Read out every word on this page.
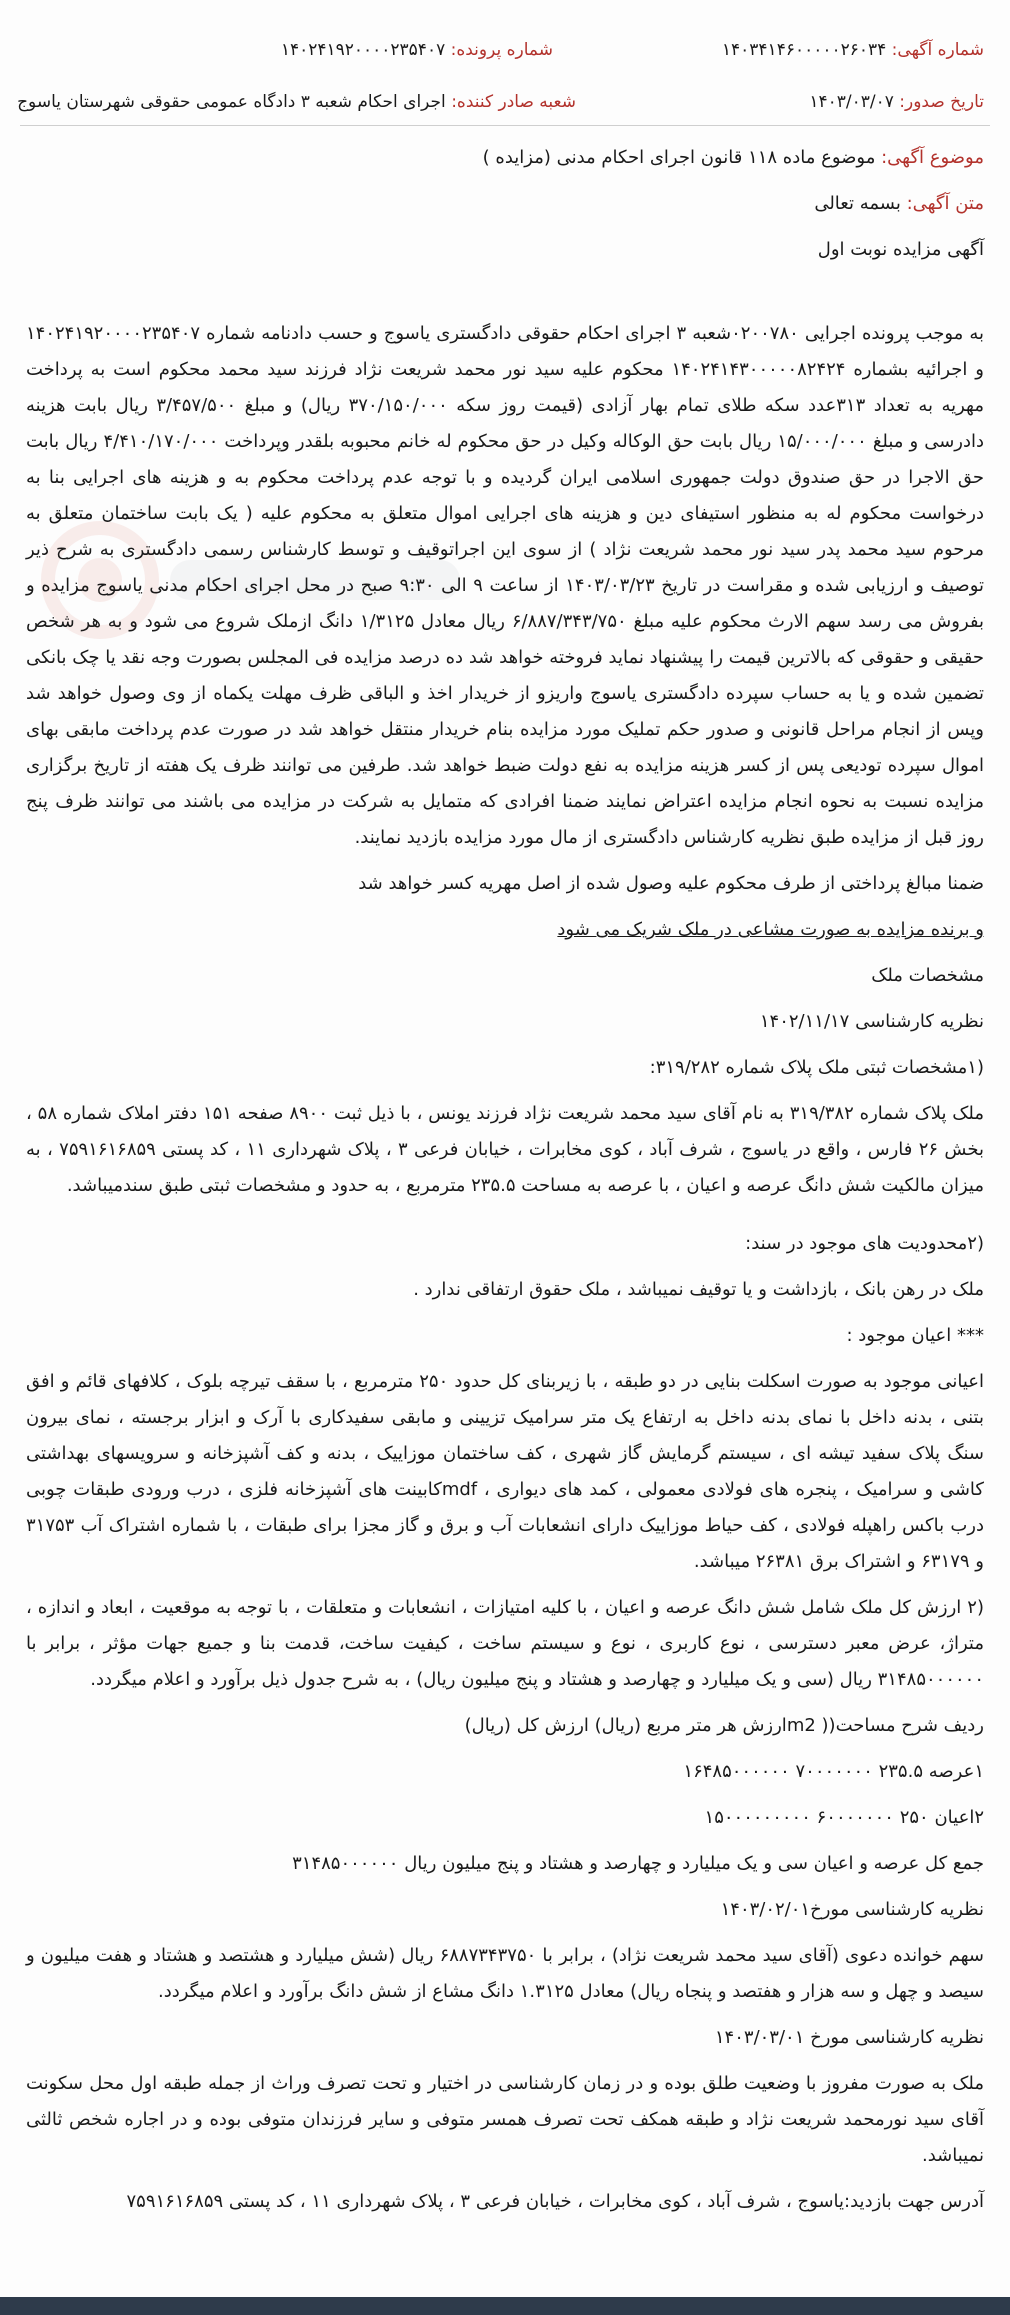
شماره آگهی: ۱۴۰۳۴۱۴۶۰۰۰۰۰۲۶۰۳۴
شماره پرونده: ۱۴۰۲۴۱۹۲۰۰۰۰۲۳۵۴۰۷
تاریخ صدور: ۱۴۰۳/۰۳/۰۷
شعبه صادر کننده: اجرای احکام شعبه ۳ دادگاه عمومی حقوقی شهرستان یاسوج

موضوع آگهی: موضوع ماده ۱۱۸ قانون اجرای احکام مدنی (مزایده )

متن آگهی: بسمه تعالی

آگهی مزایده نوبت اول

به موجب پرونده اجرایی ۰۲۰۰۷۸۰شعبه ۳ اجرای احکام حقوقی دادگستری یاسوج و حسب دادنامه شماره ۱۴۰۲۴۱۹۲۰۰۰۰۲۳۵۴۰۷ و اجرائیه بشماره ۱۴۰۲۴۱۴۳۰۰۰۰۰۸۲۴۲۴ محکوم علیه سید نور محمد شریعت نژاد فرزند سید محمد محکوم است به پرداخت مهریه به تعداد ۳۱۳عدد سکه طلای تمام بهار آزادی (قیمت روز سکه ۳۷۰/۱۵۰/۰۰۰ ریال) و مبلغ ۳/۴۵۷/۵۰۰ ریال بابت هزینه دادرسی و مبلغ ۱۵/۰۰۰/۰۰۰ ریال بابت حق الوکاله وکیل در حق محکوم له خانم محبوبه بلقدر وپرداخت ۴/۴۱۰/۱۷۰/۰۰۰ ریال بابت حق الاجرا در حق صندوق دولت جمهوری اسلامی ایران گردیده و با توجه عدم پرداخت محکوم به و هزینه های اجرایی بنا به درخواست محکوم له به منظور استیفای دین و هزینه های اجرایی اموال متعلق به محکوم علیه ( یک بابت ساختمان متعلق به مرحوم سید محمد پدر سید نور محمد شریعت نژاد ) از سوی این اجراتوقیف و توسط کارشناس رسمی دادگستری به شرح ذیر توصیف و ارزیابی شده و مقراست در تاریخ ۱۴۰۳/۰۳/۲۳ از ساعت ۹ الی ۹:۳۰ صبح در محل اجرای احکام مدنی یاسوج مزایده و بفروش می رسد سهم الارث محکوم علیه مبلغ ۶/۸۸۷/۳۴۳/۷۵۰ ریال معادل ۱/۳۱۲۵ دانگ ازملک شروع می شود و به هر شخص حقیقی و حقوقی که بالاترین قیمت را پیشنهاد نماید فروخته خواهد شد ده درصد مزایده فی المجلس بصورت وجه نقد یا چک بانکی تضمین شده و یا به حساب سپرده دادگستری یاسوج واریزو از خریدار اخذ و الباقی ظرف مهلت یکماه از وی وصول خواهد شد وپس از انجام مراحل قانونی و صدور حکم تملیک مورد مزایده بنام خریدار منتقل خواهد شد در صورت عدم پرداخت مابقی بهای اموال سپرده تودیعی پس از کسر هزینه مزایده به نفع دولت ضبط خواهد شد. طرفین می توانند ظرف یک هفته از تاریخ برگزاری مزایده نسبت به نحوه انجام مزایده اعتراض نمایند ضمنا افرادی که متمایل به شرکت در مزایده می باشند می توانند ظرف پنج روز قبل از مزایده طبق نظریه کارشناس دادگستری از مال مورد مزایده بازدید نمایند.

ضمنا مبالغ پرداختی از طرف محکوم علیه وصول شده از اصل مهریه کسر خواهد شد

و برنده مزایده به صورت مشاعی در ملک شریک می شود

مشخصات ملک

نظریه کارشناسی ۱۴۰۲/۱۱/۱۷

(۱مشخصات ثبتی ملک پلاک شماره ۳۱۹/۲۸۲:

ملک پلاک شماره ۳۱۹/۳۸۲ به نام آقای سید محمد شریعت نژاد فرزند یونس ، با ذیل ثبت ۸۹۰۰ صفحه ۱۵۱ دفتر املاک شماره ۵۸ ، بخش ۲۶ فارس ، واقع در یاسوج ، شرف آباد ، کوی مخابرات ، خیابان فرعی ۳ ، پلاک شهرداری ۱۱ ، کد پستی ۷۵۹۱۶۱۶۸۵۹ ، به میزان مالکیت شش دانگ عرصه و اعیان ، با عرصه به مساحت ۲۳۵.۵ مترمربع ، به حدود و مشخصات ثبتی طبق سندمیباشد.

(۲محدودیت های موجود در سند:

ملک در رهن بانک ، بازداشت و یا توقیف نمیباشد ، ملک حقوق ارتفاقی ندارد .

*** اعیان موجود :

اعیانی موجود به صورت اسکلت بنایی در دو طبقه ، با زیربنای کل حدود ۲۵۰ مترمربع ، با سقف تیرچه بلوک ، کلافهای قائم و افق بتنی ، بدنه داخل با نمای بدنه داخل به ارتفاع یک متر سرامیک تزیینی و مابقی سفیدکاری با آرک و ابزار برجسته ، نمای بیرون سنگ پلاک سفید تیشه ای ، سیستم گرمایش گاز شهری ، کف ساختمان موزاییک ، بدنه و کف آشپزخانه و سرویسهای بهداشتی کاشی و سرامیک ، پنجره های فولادی معمولی ، کمد های دیواری ، mdfکابینت های آشپزخانه فلزی ، درب ورودی طبقات چوبی درب باکس راهپله فولادی ، کف حیاط موزاییک دارای انشعابات آب و برق و گاز مجزا برای طبقات ، با شماره اشتراک آب ۳۱۷۵۳ و ۶۳۱۷۹ و اشتراک برق ۲۶۳۸۱ میباشد.

(۲ ارزش کل ملک شامل شش دانگ عرصه و اعیان ، با کلیه امتیازات ، انشعابات و متعلقات ، با توجه به موقعیت ، ابعاد و اندازه ، متراژ، عرض معبر دسترسی ، نوع کاربری ، نوع و سیستم ساخت ، کیفیت ساخت، قدمت بنا و جمیع جهات مؤثر ، برابر با ۳۱۴۸۵۰۰۰۰۰۰ ریال (سی و یک میلیارد و چهارصد و هشتاد و پنج میلیون ریال) ، به شرح جدول ذیل برآورد و اعلام میگردد.

ردیف شرح مساحت(( m2ارزش هر متر مربع (ریال) ارزش کل (ریال)

۱عرصه ۲۳۵.۵ ۷۰۰۰۰۰۰۰ ۱۶۴۸۵۰۰۰۰۰۰

۲اعیان ۲۵۰ ۶۰۰۰۰۰۰۰ ۱۵۰۰۰۰۰۰۰۰۰

جمع کل عرصه و اعیان سی و یک میلیارد و چهارصد و هشتاد و پنج میلیون ریال ۳۱۴۸۵۰۰۰۰۰۰

نظریه کارشناسی مورخ۱۴۰۳/۰۲/۰۱

سهم خوانده دعوی (آقای سید محمد شریعت نژاد) ، برابر با ۶۸۸۷۳۴۳۷۵۰ ریال (شش میلیارد و هشتصد و هشتاد و هفت میلیون و سیصد و چهل و سه هزار و هفتصد و پنجاه ریال) معادل ۱.۳۱۲۵ دانگ مشاع از شش دانگ برآورد و اعلام میگردد.

نظریه کارشناسی مورخ ۱۴۰۳/۰۳/۰۱

ملک به صورت مفروز با وضعیت طلق بوده و در زمان کارشناسی در اختیار و تحت تصرف وراث از جمله طبقه اول محل سکونت آقای سید نورمحمد شریعت نژاد و طبقه همکف تحت تصرف همسر متوفی و سایر فرزندان متوفی بوده و در اجاره شخص ثالثی نمیباشد.

آدرس جهت بازدید:یاسوج ، شرف آباد ، کوی مخابرات ، خیابان فرعی ۳ ، پلاک شهرداری ۱۱ ، کد پستی ۷۵۹۱۶۱۶۸۵۹
